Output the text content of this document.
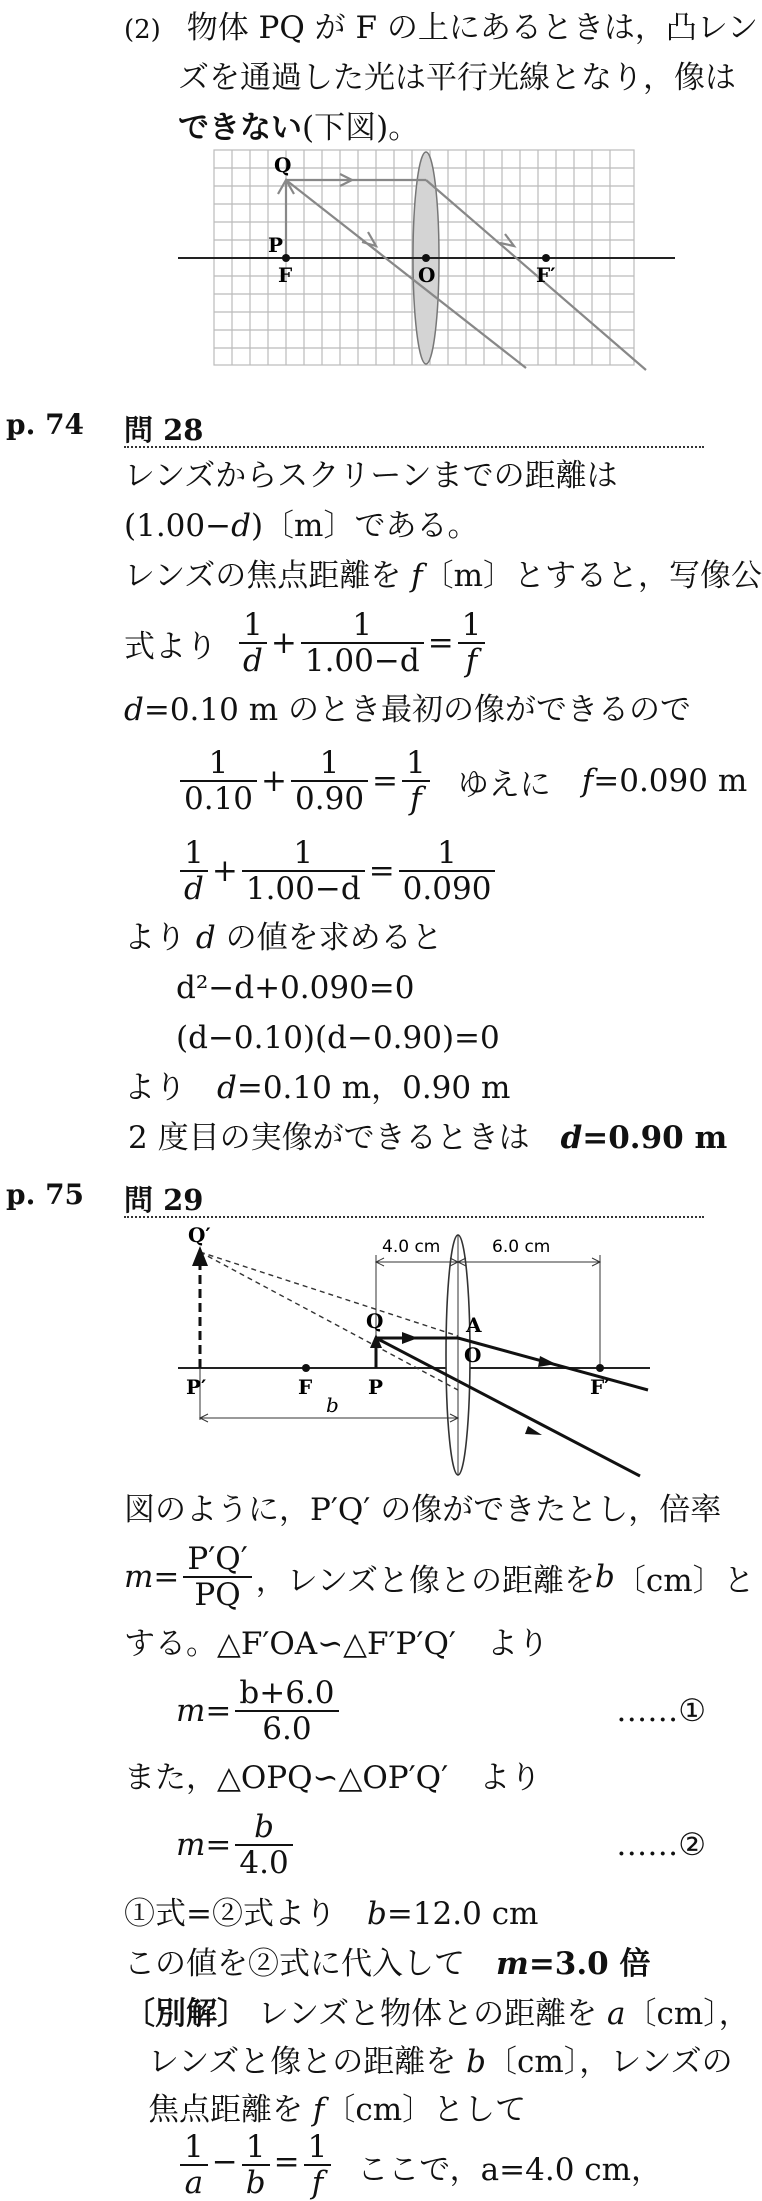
(2) 物体 PQ が F の上にあるときは，凸レン
ズを通過した光は平行光線となり，像は
できない(下図)。
Q
P
F	O	F′
p. 74 問 28
レンズからスクリーンまでの距離は
(1.00−d)〔m〕である。
レンズの焦点距離を f〔m〕とすると，写像公
式より $\frac{1}{d} + \frac{1}{1.00-d} = \frac{1}{f}$
d=0.10 m のとき最初の像ができるので
$\frac{1}{0.10} + \frac{1}{0.90} = \frac{1}{f}$ ゆえに　 f =0.090 m
$\frac{1}{d} + \frac{1}{1.00-d} = \frac{1}{0.090}$
より d の値を求めると
d²−d+0.090=0
(d−0.10)(d−0.90)=0
より　d=0.10 m，0.90 m
2 度目の実像ができるときは　d=0.90 m
p. 75 問 29
Q′	4.0 cm	6.0 cm
Q	A
O
P′	F	P	F′
b
図のように，P′Q′ の像ができたとし，倍率
$m = \frac{P'Q'}{PQ}$ ，レンズと像との距離を b 〔cm〕と
する。△F′OA∽△F′P′Q′　より
$m = \frac{b+6.0}{6.0}$	……①
また，△OPQ∽△OP′Q′　より
$m = \frac{b}{4.0}$	……②
①式=②式より　b=12.0 cm
この値を②式に代入して　m=3.0 倍
〔別解〕 レンズと物体との距離を a〔cm〕，
レンズと像との距離を b〔cm〕，レンズの
焦点距離を f〔cm〕として
$\frac{1}{a} - \frac{1}{b} = \frac{1}{f}$ ここで，a=4.0 cm，
